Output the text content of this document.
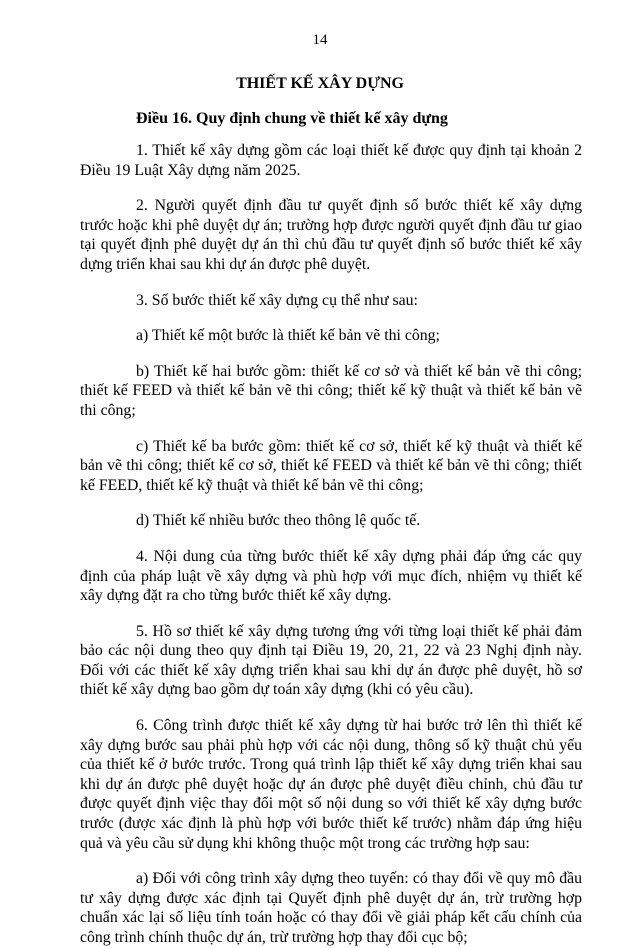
14
THIẾT KẾ XÂY DỰNG
Điều 16. Quy định chung về thiết kế xây dựng

1. Thiết kế xây dựng gồm các loại thiết kế được quy định tại khoản 2 Điều 19 Luật Xây dựng năm 2025.

2. Người quyết định đầu tư quyết định số bước thiết kế xây dựng trước hoặc khi phê duyệt dự án; trường hợp được người quyết định đầu tư giao tại quyết định phê duyệt dự án thì chủ đầu tư quyết định số bước thiết kế xây dựng triển khai sau khi dự án được phê duyệt.

3. Số bước thiết kế xây dựng cụ thể như sau:

a) Thiết kế một bước là thiết kế bản vẽ thi công;

b) Thiết kế hai bước gồm: thiết kế cơ sở và thiết kế bản vẽ thi công; thiết kế FEED và thiết kế bản vẽ thi công; thiết kế kỹ thuật và thiết kế bản vẽ thi công;

c) Thiết kế ba bước gồm: thiết kế cơ sở, thiết kế kỹ thuật và thiết kế bản vẽ thi công; thiết kế cơ sở, thiết kế FEED và thiết kế bản vẽ thi công; thiết kế FEED, thiết kế kỹ thuật và thiết kế bản vẽ thi công;

d) Thiết kế nhiều bước theo thông lệ quốc tế.

4. Nội dung của từng bước thiết kế xây dựng phải đáp ứng các quy định của pháp luật về xây dựng và phù hợp với mục đích, nhiệm vụ thiết kế xây dựng đặt ra cho từng bước thiết kế xây dựng.

5. Hồ sơ thiết kế xây dựng tương ứng với từng loại thiết kế phải đảm bảo các nội dung theo quy định tại Điều 19, 20, 21, 22 và 23 Nghị định này. Đối với các thiết kế xây dựng triển khai sau khi dự án được phê duyệt, hồ sơ thiết kế xây dựng bao gồm dự toán xây dựng (khi có yêu cầu).

6. Công trình được thiết kế xây dựng từ hai bước trở lên thì thiết kế xây dựng bước sau phải phù hợp với các nội dung, thông số kỹ thuật chủ yếu của thiết kế ở bước trước. Trong quá trình lập thiết kế xây dựng triển khai sau khi dự án được phê duyệt hoặc dự án được phê duyệt điều chỉnh, chủ đầu tư được quyết định việc thay đổi một số nội dung so với thiết kế xây dựng bước trước (được xác định là phù hợp với bước thiết kế trước) nhằm đáp ứng hiệu quả và yêu cầu sử dụng khi không thuộc một trong các trường hợp sau:

a) Đối với công trình xây dựng theo tuyến: có thay đổi về quy mô đầu tư xây dựng được xác định tại Quyết định phê duyệt dự án, trừ trường hợp chuẩn xác lại số liệu tính toán hoặc có thay đổi về giải pháp kết cấu chính của công trình chính thuộc dự án, trừ trường hợp thay đổi cục bộ;
